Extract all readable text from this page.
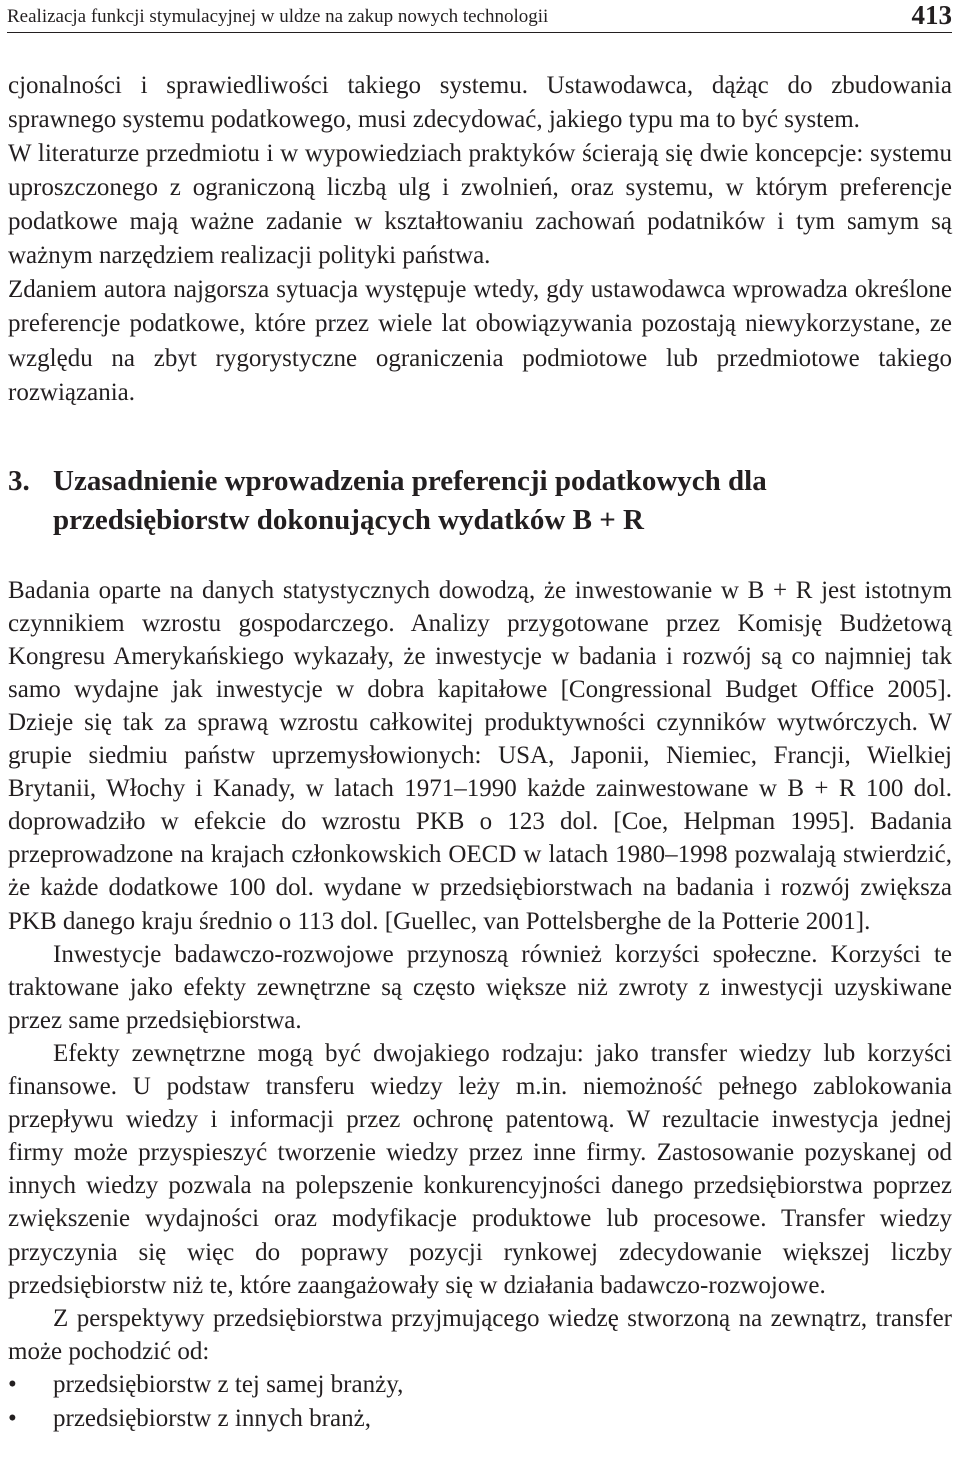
Realizacja funkcji stymulacyjnej w uldze na zakup nowych technologii	413

cjonalności i sprawiedliwości takiego systemu. Ustawodawca, dążąc do zbudowania sprawnego systemu podatkowego, musi zdecydować, jakiego typu ma to być system.

W literaturze przedmiotu i w wypowiedziach praktyków ścierają się dwie koncepcje: systemu uproszczonego z ograniczoną liczbą ulg i zwolnień, oraz systemu, w którym preferencje podatkowe mają ważne zadanie w kształtowaniu zachowań podatników i tym samym są ważnym narzędziem realizacji polityki państwa.

Zdaniem autora najgorsza sytuacja występuje wtedy, gdy ustawodawca wprowadza określone preferencje podatkowe, które przez wiele lat obowiązywania pozostają niewykorzystane, ze względu na zbyt rygorystyczne ograniczenia podmiotowe lub przedmiotowe takiego rozwiązania.

3. Uzasadnienie wprowadzenia preferencji podatkowych dla przedsiębiorstw dokonujących wydatków B + R

Badania oparte na danych statystycznych dowodzą, że inwestowanie w B + R jest istotnym czynnikiem wzrostu gospodarczego. Analizy przygotowane przez Komisję Budżetową Kongresu Amerykańskiego wykazały, że inwestycje w badania i rozwój są co najmniej tak samo wydajne jak inwestycje w dobra kapitałowe [Congressional Budget Office 2005]. Dzieje się tak za sprawą wzrostu całkowitej produktywności czynników wytwórczych. W grupie siedmiu państw uprzemysłowionych: USA, Japonii, Niemiec, Francji, Wielkiej Brytanii, Włochy i Kanady, w latach 1971–1990 każde zainwestowane w B + R 100 dol. doprowadziło w efekcie do wzrostu PKB o 123 dol. [Coe, Helpman 1995]. Badania przeprowadzone na krajach członkowskich OECD w latach 1980–1998 pozwalają stwierdzić, że każde dodatkowe 100 dol. wydane w przedsiębiorstwach na badania i rozwój zwiększa PKB danego kraju średnio o 113 dol. [Guellec, van Pottelsberghe de la Potterie 2001].

Inwestycje badawczo-rozwojowe przynoszą również korzyści społeczne. Korzyści te traktowane jako efekty zewnętrzne są często większe niż zwroty z inwestycji uzyskiwane przez same przedsiębiorstwa.

Efekty zewnętrzne mogą być dwojakiego rodzaju: jako transfer wiedzy lub korzyści finansowe. U podstaw transferu wiedzy leży m.in. niemożność pełnego zablokowania przepływu wiedzy i informacji przez ochronę patentową. W rezultacie inwestycja jednej firmy może przyspieszyć tworzenie wiedzy przez inne firmy. Zastosowanie pozyskanej od innych wiedzy pozwala na polepszenie konkurencyjności danego przedsiębiorstwa poprzez zwiększenie wydajności oraz modyfikacje produktowe lub procesowe. Transfer wiedzy przyczynia się więc do poprawy pozycji rynkowej zdecydowanie większej liczby przedsiębiorstw niż te, które zaangażowały się w działania badawczo-rozwojowe.

Z perspektywy przedsiębiorstwa przyjmującego wiedzę stworzoną na zewnątrz, transfer może pochodzić od:

• przedsiębiorstw z tej samej branży,
• przedsiębiorstw z innych branż,
